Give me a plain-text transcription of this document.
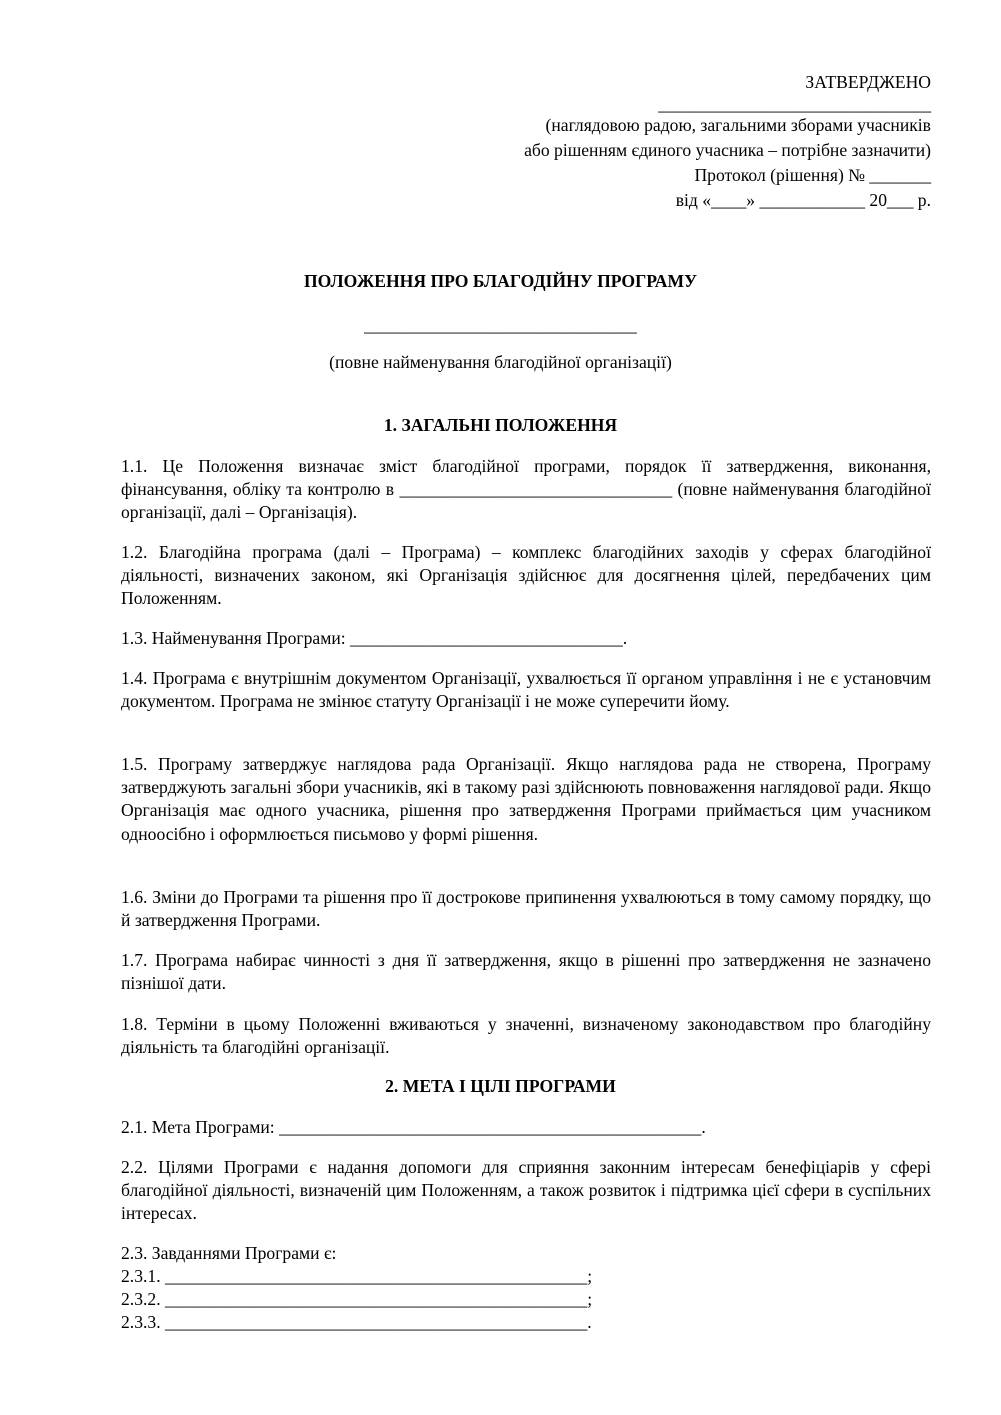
ЗАТВЕРДЖЕНО
_______________________________
(наглядовою радою, загальними зборами учасників
або рішенням єдиного учасника – потрібне зазначити)
Протокол (рішення) № _______
від «____» ____________ 20___ р.
ПОЛОЖЕННЯ ПРО БЛАГОДІЙНУ ПРОГРАМУ
_______________________________
(повне найменування благодійної організації)
1. ЗАГАЛЬНІ ПОЛОЖЕННЯ
1.1. Це Положення визначає зміст благодійної програми, порядок її затвердження, виконання, фінансування, обліку та контролю в _______________________________ (повне найменування благодійної організації, далі – Організація).
1.2. Благодійна програма (далі – Програма) – комплекс благодійних заходів у сферах благодійної діяльності, визначених законом, які Організація здійснює для досягнення цілей, передбачених цим Положенням.
1.3. Найменування Програми: _______________________________.
1.4. Програма є внутрішнім документом Організації, ухвалюється її органом управління і не є установчим документом. Програма не змінює статуту Організації і не може суперечити йому.
1.5. Програму затверджує наглядова рада Організації. Якщо наглядова рада не створена, Програму затверджують загальні збори учасників, які в такому разі здійснюють повноваження наглядової ради. Якщо Організація має одного учасника, рішення про затвердження Програми приймається цим учасником одноосібно і оформлюється письмово у формі рішення.
1.6. Зміни до Програми та рішення про її дострокове припинення ухвалюються в тому самому порядку, що й затвердження Програми.
1.7. Програма набирає чинності з дня її затвердження, якщо в рішенні про затвердження не зазначено пізнішої дати.
1.8. Терміни в цьому Положенні вживаються у значенні, визначеному законодавством про благодійну діяльність та благодійні організації.
2. МЕТА І ЦІЛІ ПРОГРАМИ
2.1. Мета Програми: ________________________________________________.
2.2. Цілями Програми є надання допомоги для сприяння законним інтересам бенефіціарів у сфері благодійної діяльності, визначеній цим Положенням, а також розвиток і підтримка цієї сфери в суспільних інтересах.
2.3. Завданнями Програми є:
2.3.1. ________________________________________________;
2.3.2. ________________________________________________;
2.3.3. ________________________________________________.
